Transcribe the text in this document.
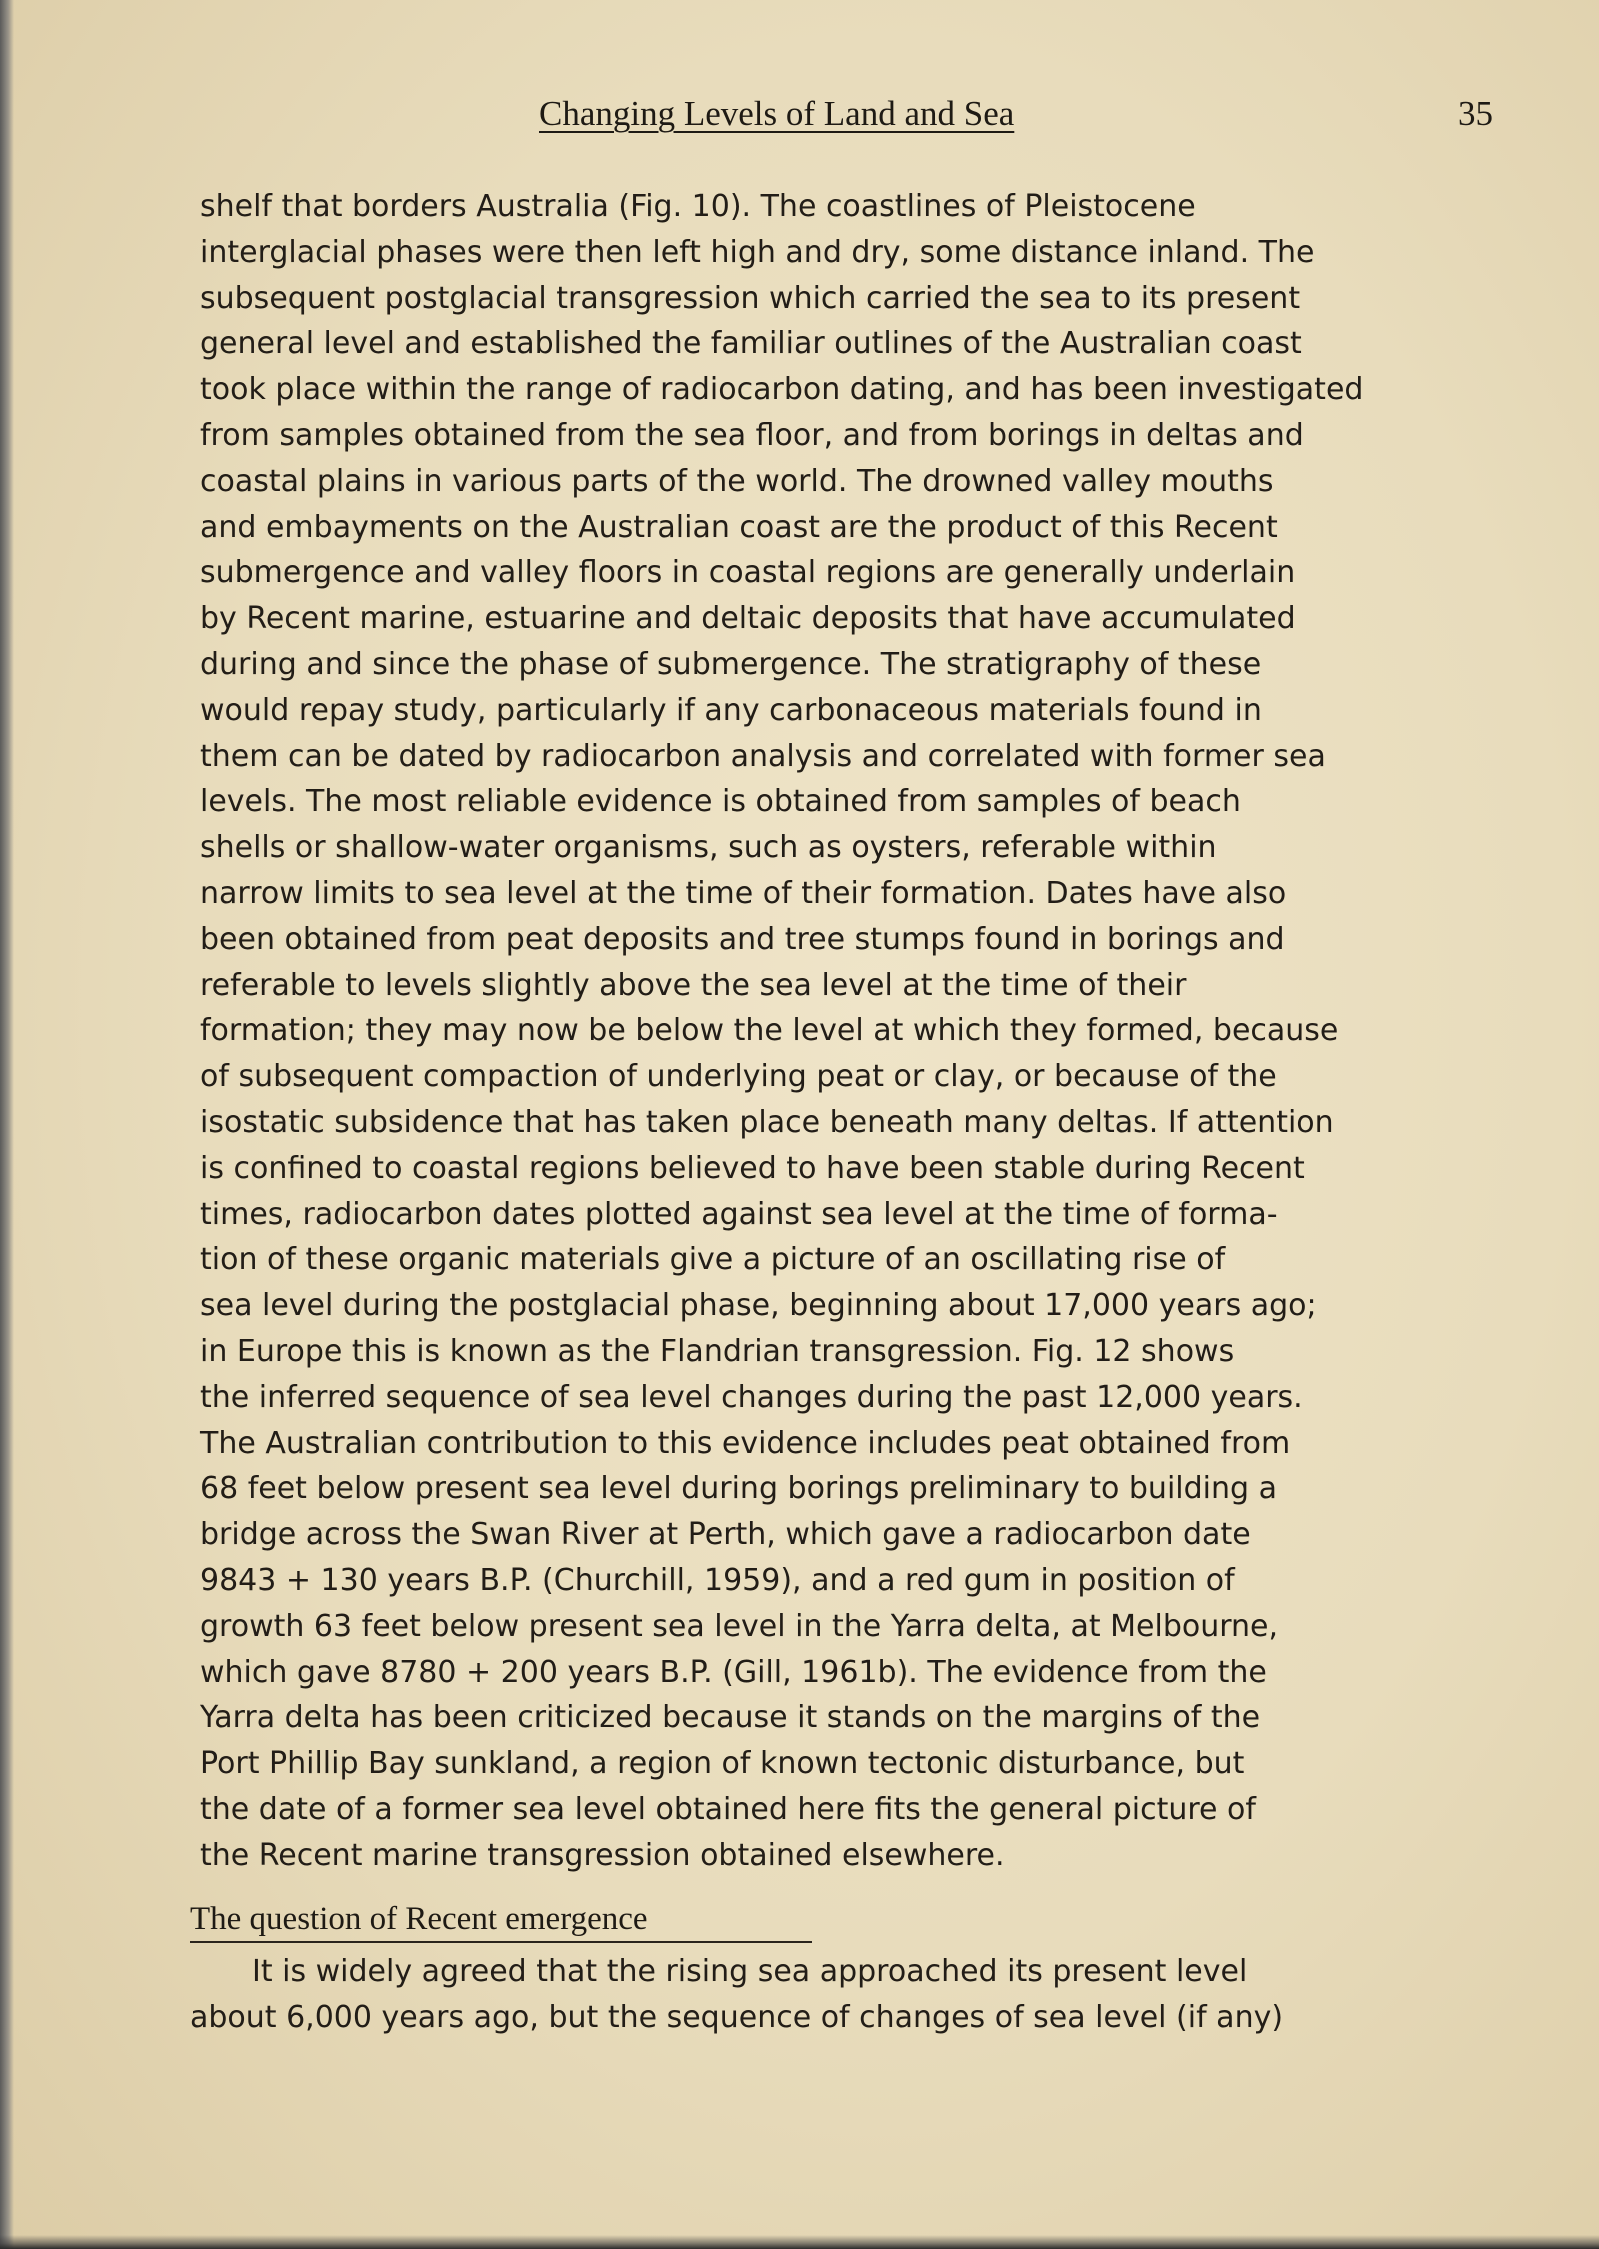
Changing Levels of Land and Sea	35
shelf that borders Australia (Fig. 10). The coastlines of Pleistocene
interglacial phases were then left high and dry, some distance inland. The
subsequent postglacial transgression which carried the sea to its present
general level and established the familiar outlines of the Australian coast
took place within the range of radiocarbon dating, and has been investigated
from samples obtained from the sea floor, and from borings in deltas and
coastal plains in various parts of the world. The drowned valley mouths
and embayments on the Australian coast are the product of this Recent
submergence and valley floors in coastal regions are generally underlain
by Recent marine, estuarine and deltaic deposits that have accumulated
during and since the phase of submergence. The stratigraphy of these
would repay study, particularly if any carbonaceous materials found in
them can be dated by radiocarbon analysis and correlated with former sea
levels. The most reliable evidence is obtained from samples of beach
shells or shallow-water organisms, such as oysters, referable within
narrow limits to sea level at the time of their formation. Dates have also
been obtained from peat deposits and tree stumps found in borings and
referable to levels slightly above the sea level at the time of their
formation; they may now be below the level at which they formed, because
of subsequent compaction of underlying peat or clay, or because of the
isostatic subsidence that has taken place beneath many deltas. If attention
is confined to coastal regions believed to have been stable during Recent
times, radiocarbon dates plotted against sea level at the time of forma-
tion of these organic materials give a picture of an oscillating rise of
sea level during the postglacial phase, beginning about 17,000 years ago;
in Europe this is known as the Flandrian transgression. Fig. 12 shows
the inferred sequence of sea level changes during the past 12,000 years.
The Australian contribution to this evidence includes peat obtained from
68 feet below present sea level during borings preliminary to building a
bridge across the Swan River at Perth, which gave a radiocarbon date
9843 + 130 years B.P. (Churchill, 1959), and a red gum in position of
growth 63 feet below present sea level in the Yarra delta, at Melbourne,
which gave 8780 + 200 years B.P. (Gill, 1961b). The evidence from the
Yarra delta has been criticized because it stands on the margins of the
Port Phillip Bay sunkland, a region of known tectonic disturbance, but
the date of a former sea level obtained here fits the general picture of
the Recent marine transgression obtained elsewhere.
The question of Recent emergence
It is widely agreed that the rising sea approached its present level
about 6,000 years ago, but the sequence of changes of sea level (if any)
